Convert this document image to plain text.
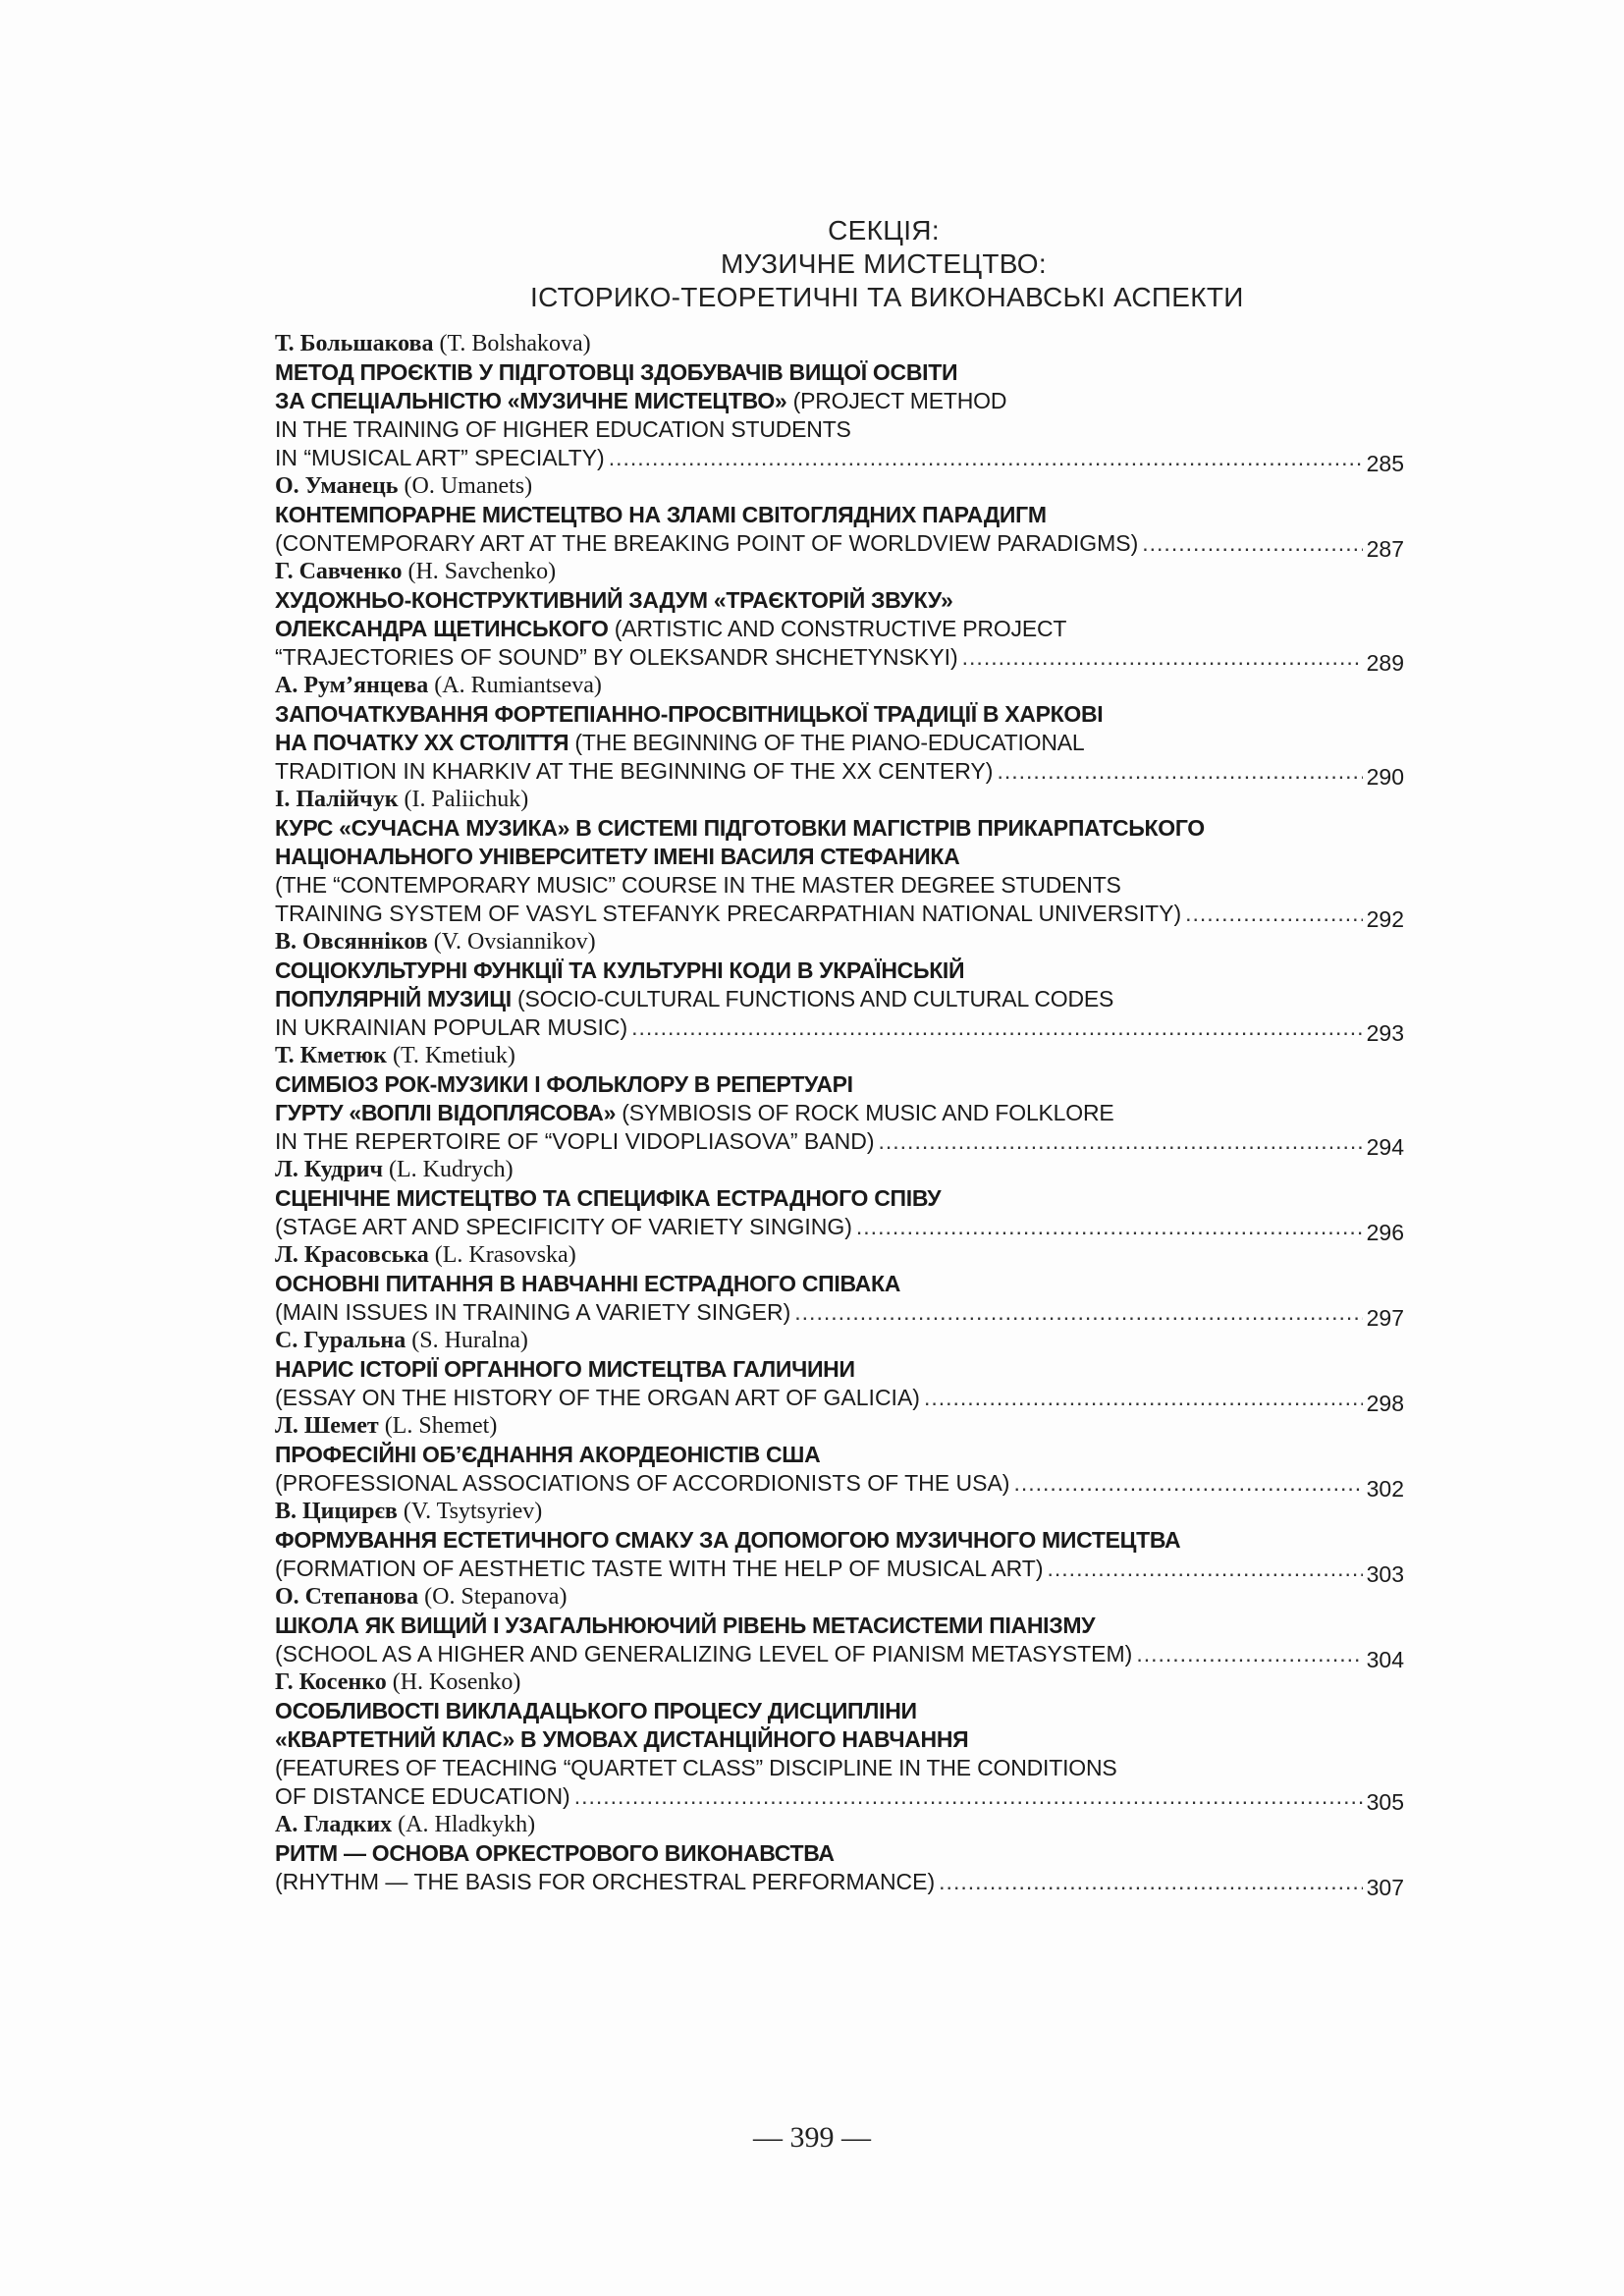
СЕКЦІЯ:
МУЗИЧНЕ МИСТЕЦТВО:
ІСТОРИКО-ТЕОРЕТИЧНІ ТА ВИКОНАВСЬКІ АСПЕКТИ
Т. Большакова (T. Bolshakova)
МЕТОД ПРОЄКТІВ У ПІДГОТОВЦІ ЗДОБУВАЧІВ ВИЩОЇ ОСВІТИ
ЗА СПЕЦІАЛЬНІСТЮ «МУЗИЧНЕ МИСТЕЦТВО» (PROJECT METHOD
IN THE TRAINING OF HIGHER EDUCATION STUDENTS
IN “MUSICAL ART” SPECIALTY) .....	285
О. Уманець (O. Umanets)
КОНТЕМПОРАРНЕ МИСТЕЦТВО НА ЗЛАМІ СВІТОГЛЯДНИХ ПАРАДИГМ
(CONTEMPORARY ART AT THE BREAKING POINT OF WORLDVIEW PARADIGMS) .....	287
Г. Савченко (H. Savchenko)
ХУДОЖНЬО-КОНСТРУКТИВНИЙ ЗАДУМ «ТРАЄКТОРІЙ ЗВУКУ»
ОЛЕКСАНДРА ЩЕТИНСЬКОГО (ARTISTIC AND CONSTRUCTIVE PROJECT
“TRAJECTORIES OF SOUND” BY OLEKSANDR SHCHETYNSKYI) .....	289
А. Рум’янцева (A. Rumiantseva)
ЗАПОЧАТКУВАННЯ ФОРТЕПІАННО-ПРОСВІТНИЦЬКОЇ ТРАДИЦІЇ В ХАРКОВІ
НА ПОЧАТКУ XX СТОЛІТТЯ (THE BEGINNING OF THE PIANO-EDUCATIONAL
TRADITION IN KHARKIV AT THE BEGINNING OF THE XX CENTERY) .....	290
І. Палійчук (I. Paliichuk)
КУРС «СУЧАСНА МУЗИКА» В СИСТЕМІ ПІДГОТОВКИ МАГІСТРІВ ПРИКАРПАТСЬКОГО
НАЦІОНАЛЬНОГО УНІВЕРСИТЕТУ ІМЕНІ ВАСИЛЯ СТЕФАНИКА
(THE “CONTEMPORARY MUSIC” COURSE IN THE MASTER DEGREE STUDENTS
TRAINING SYSTEM OF VASYL STEFANYK PRECARPATHIAN NATIONAL UNIVERSITY) .....	292
В. Овсяннiков (V. Ovsiannikov)
СОЦІОКУЛЬТУРНІ ФУНКЦІЇ ТА КУЛЬТУРНІ КОДИ В УКРАЇНСЬКІЙ
ПОПУЛЯРНІЙ МУЗИЦІ (SOCIO-CULTURAL FUNCTIONS AND CULTURAL CODES
IN UKRAINIAN POPULAR MUSIC) .....	293
Т. Кметюк (T. Kmetiuk)
СИМБІОЗ РОК-МУЗИКИ І ФОЛЬКЛОРУ В РЕПЕРТУАРІ
ГУРТУ «ВОПЛІ ВІДОПЛЯСОВА» (SYMBIOSIS OF ROCK MUSIC AND FOLKLORE
IN THE REPERTOIRE OF “VOPLI VIDOPLIASOVA” BAND) .....	294
Л. Кудрич (L. Kudrych)
СЦЕНІЧНЕ МИСТЕЦТВО ТА СПЕЦИФІКА ЕСТРАДНОГО СПІВУ
(STAGE ART AND SPECIFICITY OF VARIETY SINGING) .....	296
Л. Красовська (L. Krasovska)
ОСНОВНІ ПИТАННЯ В НАВЧАННІ ЕСТРАДНОГО СПІВАКА
(MAIN ISSUES IN TRAINING A VARIETY SINGER) .....	297
С. Гуральна (S. Huralna)
НАРИС ІСТОРІЇ ОРГАННОГО МИСТЕЦТВА ГАЛИЧИНИ
(ESSAY ON THE HISTORY OF THE ORGAN ART OF GALICIA) .....	298
Л. Шемет (L. Shemet)
ПРОФЕСІЙНІ ОБ’ЄДНАННЯ АКОРДЕОНІСТІВ США
(PROFESSIONAL ASSOCIATIONS OF ACCORDIONISTS OF THE USA) .....	302
В. Цицирєв (V. Tsytsyriev)
ФОРМУВАННЯ ЕСТЕТИЧНОГО СМАКУ ЗА ДОПОМОГОЮ МУЗИЧНОГО МИСТЕЦТВА
(FORMATION OF AESTHETIC TASTE WITH THE HELP OF MUSICAL ART) .....	303
О. Степанова (O. Stepanova)
ШКОЛА ЯК ВИЩИЙ І УЗАГАЛЬНЮЮЧИЙ РІВЕНЬ МЕТАСИСТЕМИ ПІАНІЗМУ
(SCHOOL AS A HIGHER AND GENERALIZING LEVEL OF PIANISM METASYSTEM) .....	304
Г. Косенко (H. Kosenko)
ОСОБЛИВОСТІ ВИКЛАДАЦЬКОГО ПРОЦЕСУ ДИСЦИПЛІНИ
«КВАРТЕТНИЙ КЛАС» В УМОВАХ ДИСТАНЦІЙНОГО НАВЧАННЯ
(FEATURES OF TEACHING “QUARTET CLASS” DISCIPLINE IN THE CONDITIONS
OF DISTANCE EDUCATION) .....	305
А. Гладких (A. Hladkykh)
РИТМ — ОСНОВА ОРКЕСТРОВОГО ВИКОНАВСТВА
(RHYTHM — THE BASIS FOR ORCHESTRAL PERFORMANCE) .....	307
— 399 —
